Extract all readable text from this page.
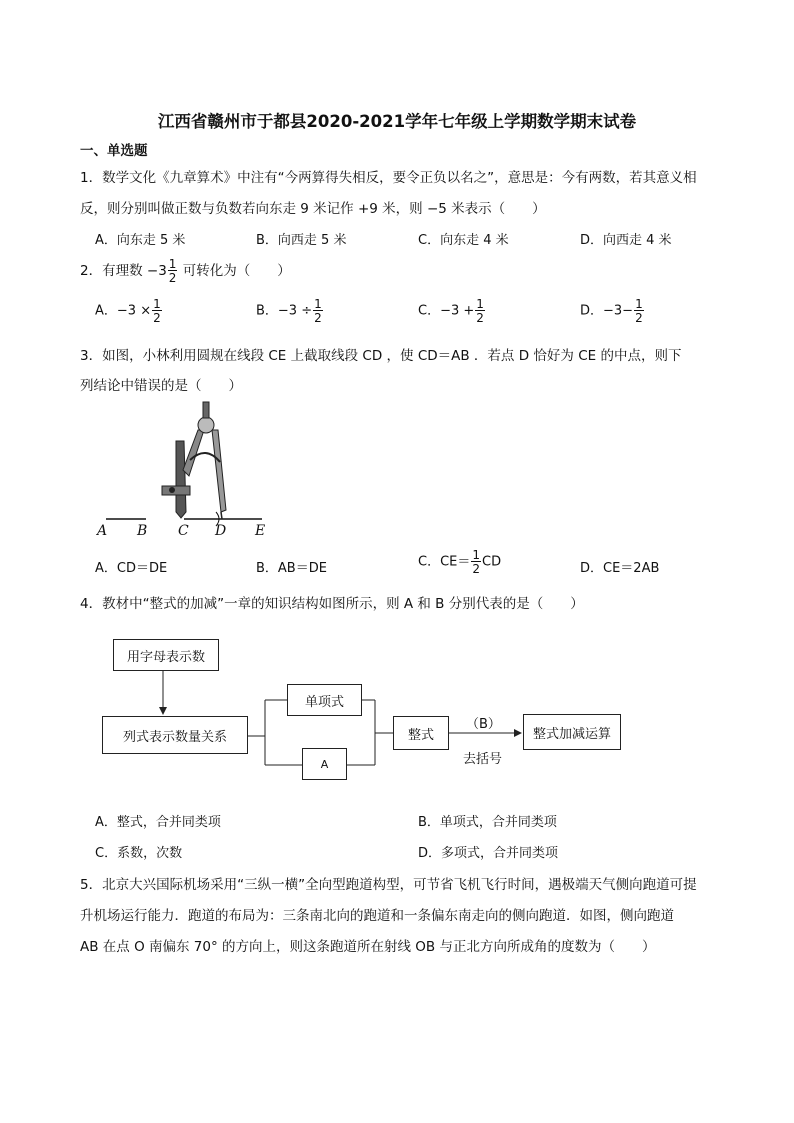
江西省赣州市于都县2020-2021学年七年级上学期数学期末试卷
一、单选题
1．数学文化《九章算术》中注有“今两算得失相反，要令正负以名之”，意思是：今有两数，若其意义相
反，则分别叫做正数与负数若向东走 9 米记作 +9 米，则 −5 米表示（　　）
A．向东走 5 米	B．向西走 5 米	C．向东走 4 米	D．向西走 4 米
2．有理数 $-3 \frac{1}{2}$ 可转化为（　　）
A．$-3 \times \frac{1}{2}$	B．$-3 \div \frac{1}{2}$	C．$-3 + \frac{1}{2}$	D．$-3- \frac{1}{2}$
3．如图，小林利用圆规在线段 CE 上截取线段 CD ，使 CD＝AB ．若点 D 恰好为 CE 的中点，则下
列结论中错误的是（　　）
A B C D E
A．CD＝DE	B．AB＝DE	C．$CE= \frac{1}{2}$ CD	D．CE＝2AB
4．教材中“整式的加减”一章的知识结构如图所示，则 A 和 B 分别代表的是（　　）
用字母表示数
列式表示数量关系
单项式
A
整式	整式加减运算
（B）
去括号
A．整式，合并同类项	B．单项式，合并同类项
C．系数，次数	D．多项式，合并同类项
5．北京大兴国际机场采用“三纵一横”全向型跑道构型，可节省飞机飞行时间，遇极端天气侧向跑道可提
升机场运行能力．跑道的布局为：三条南北向的跑道和一条偏东南走向的侧向跑道．如图，侧向跑道
AB 在点 O 南偏东 70° 的方向上，则这条跑道所在射线 OB 与正北方向所成角的度数为（　　）
